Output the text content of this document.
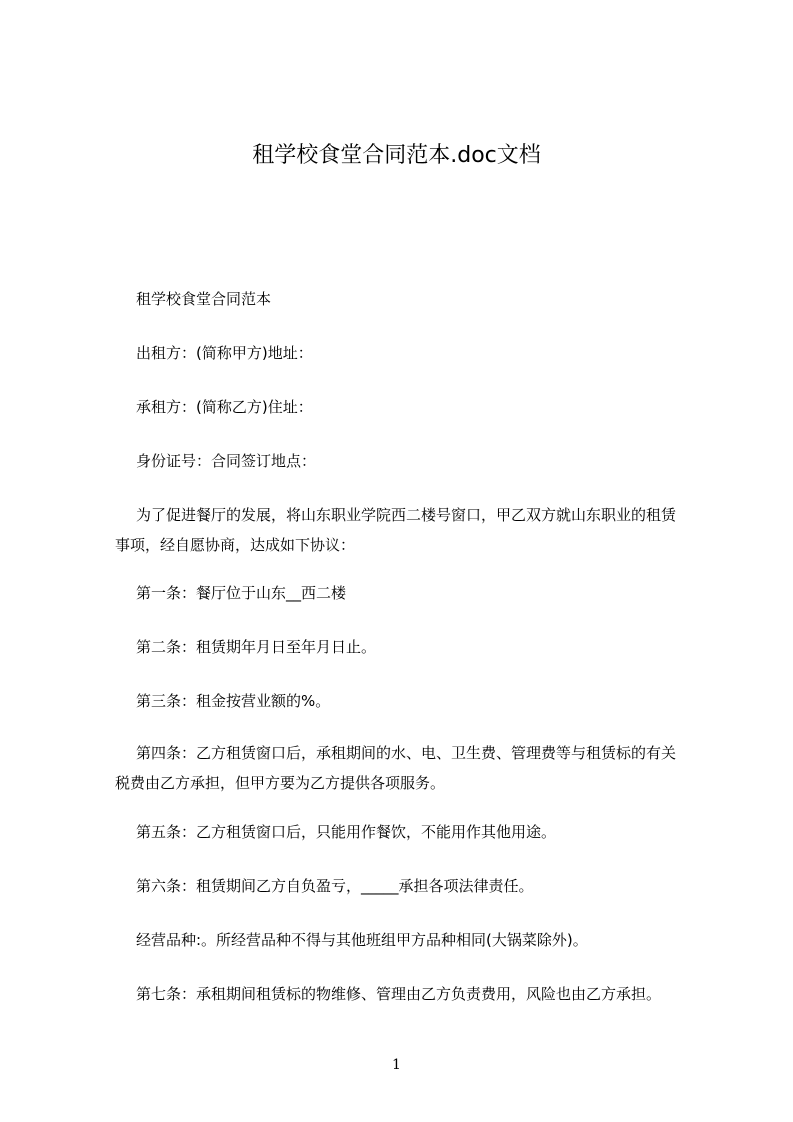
租学校食堂合同范本.doc文档

租学校食堂合同范本

出租方：(简称甲方)地址：

承租方：(简称乙方)住址：

身份证号：合同签订地点：

为了促进餐厅的发展，将山东职业学院西二楼号窗口，甲乙双方就山东职业的租赁事项，经自愿协商，达成如下协议：

第一条：餐厅位于山东__西二楼

第二条：租赁期年月日至年月日止。

第三条：租金按营业额的%。

第四条：乙方租赁窗口后，承租期间的水、电、卫生费、管理费等与租赁标的有关税费由乙方承担，但甲方要为乙方提供各项服务。

第五条：乙方租赁窗口后，只能用作餐饮，不能用作其他用途。

第六条：租赁期间乙方自负盈亏，_____承担各项法律责任。

经营品种:。所经营品种不得与其他班组甲方品种相同(大锅菜除外)。

第七条：承租期间租赁标的物维修、管理由乙方负责费用，风险也由乙方承担。

1
